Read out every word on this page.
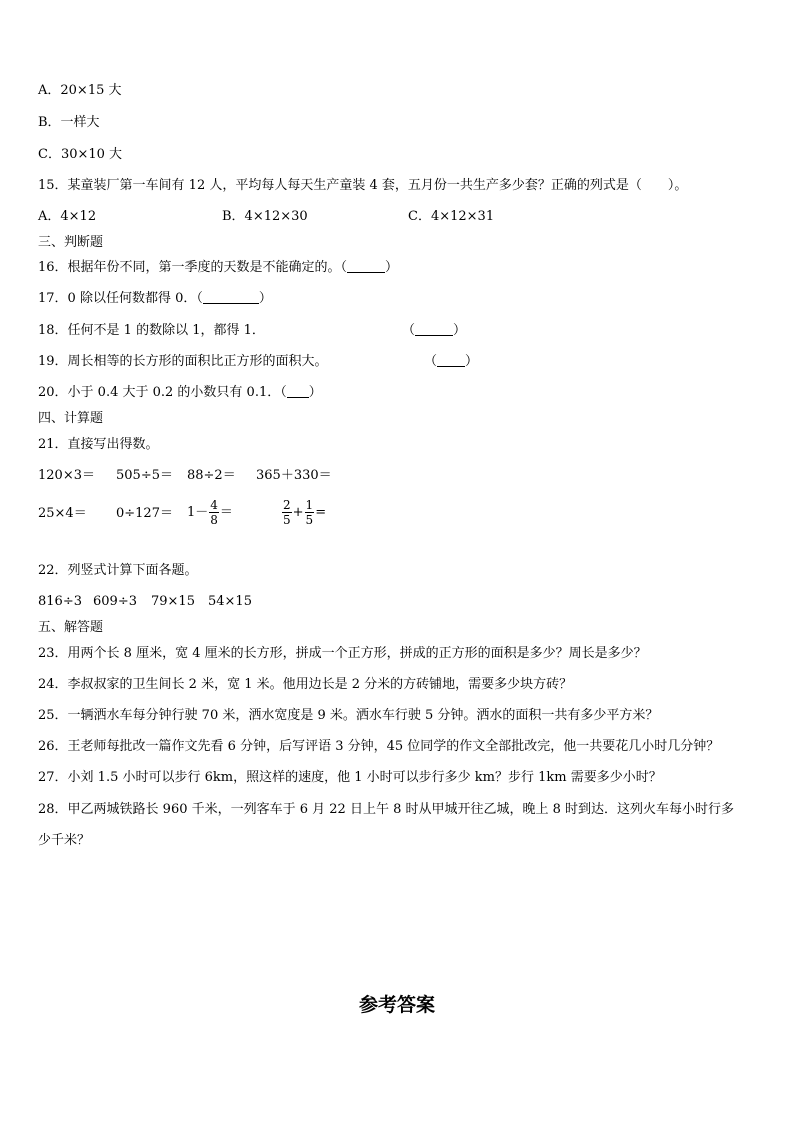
A．20×15 大
B．一样大
C．30×10 大
15．某童装厂第一车间有 12 人，平均每人每天生产童装 4 套，五月份一共生产多少套？正确的列式是（　　）。
A．4×12	B．4×12×30	C．4×12×31
三、判断题
16．根据年份不同，第一季度的天数是不能确定的。（	）
17．0 除以任何数都得 0．（	）
18．任何不是 1 的数除以 1，都得 1．	（	）
19．周长相等的长方形的面积比正方形的面积大。	（ ）
20．小于 0.4 大于 0.2 的小数只有 0.1．（ ）
四、计算题
21．直接写出得数。
120×3＝ 505÷5＝ 88÷2＝ 365＋330＝
$25\times 4= 0\div 127= 1- \frac{4}{8}$ ＝	$\frac{2}{5} + \frac{1}{5}$ =
22．列竖式计算下面各题。
816÷3 609÷3 79×15 54×15
五、解答题
23．用两个长 8 厘米，宽 4 厘米的长方形，拼成一个正方形，拼成的正方形的面积是多少？周长是多少？
24．李叔叔家的卫生间长 2 米，宽 1 米。他用边长是 2 分米的方砖铺地，需要多少块方砖？
25．一辆洒水车每分钟行驶 70 米，洒水宽度是 9 米。洒水车行驶 5 分钟。洒水的面积一共有多少平方米？
26．王老师每批改一篇作文先看 6 分钟，后写评语 3 分钟，45 位同学的作文全部批改完，他一共要花几小时几分钟？
27．小刘 1.5 小时可以步行 6km，照这样的速度，他 1 小时可以步行多少 km？步行 1km 需要多少小时？
28．甲乙两城铁路长 960 千米，一列客车于 6 月 22 日上午 8 时从甲城开往乙城，晚上 8 时到达．这列火车每小时行多
少千米？
参考答案
